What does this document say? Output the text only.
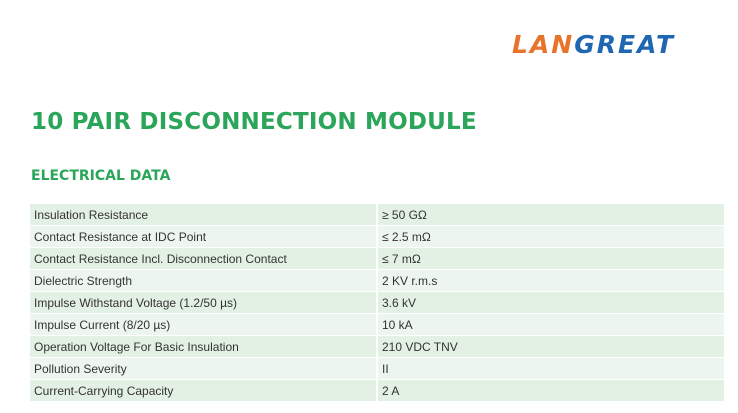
LANGREAT
10 PAIR DISCONNECTION MODULE
ELECTRICAL DATA
Insulation Resistance	≥ 50 GΩ
Contact Resistance at IDC Point	≤ 2.5 mΩ
Contact Resistance Incl. Disconnection Contact	≤ 7 mΩ
Dielectric Strength	2 KV r.m.s
Impulse Withstand Voltage (1.2/50 µs)	3.6 kV
Impulse Current (8/20 µs)	10 kA
Operation Voltage For Basic Insulation	210 VDC TNV
Pollution Severity	II
Current-Carrying Capacity	2 A
